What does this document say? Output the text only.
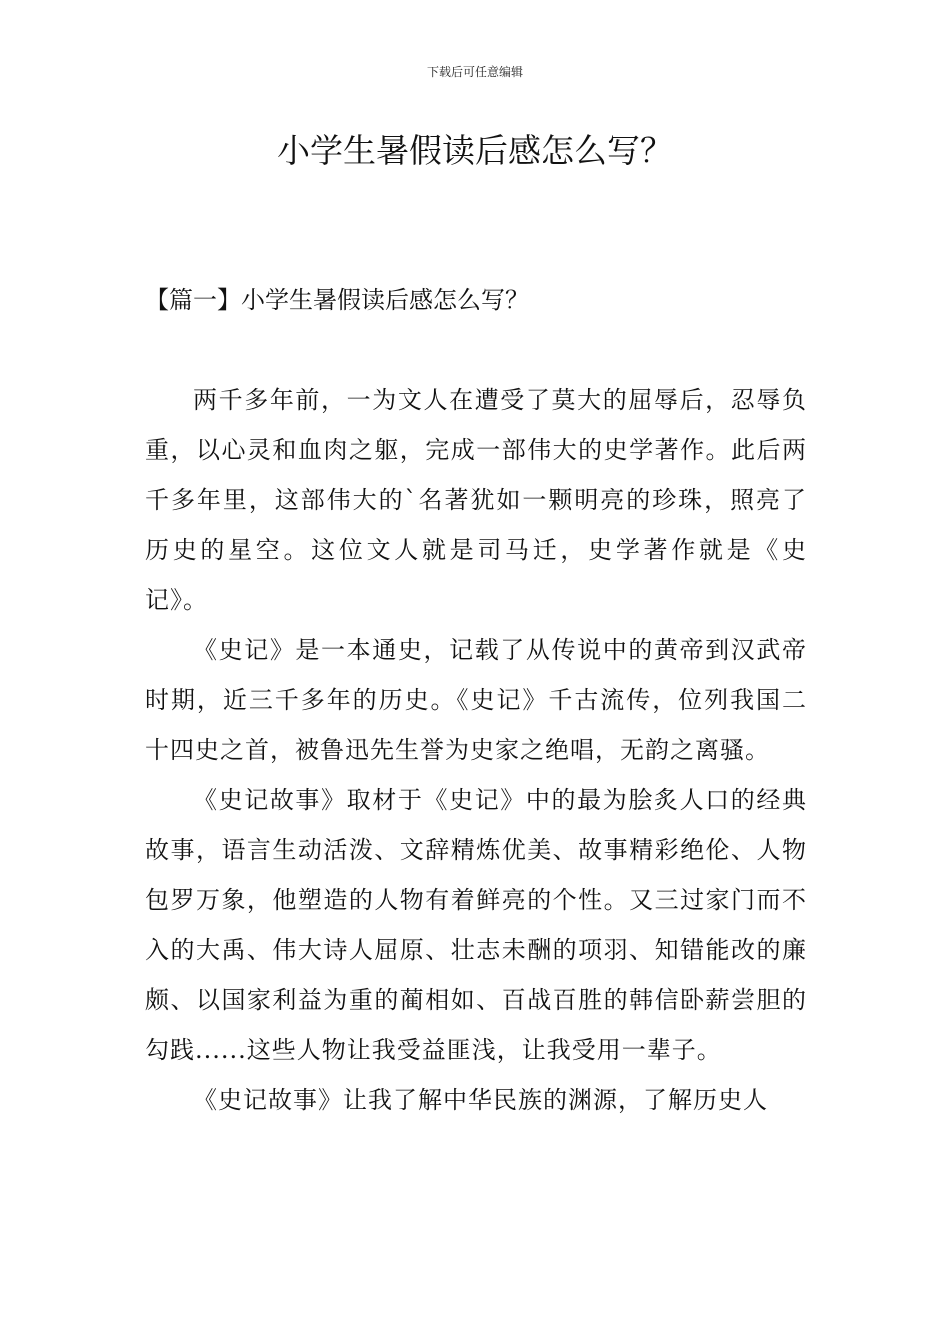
下载后可任意编辑
小学生暑假读后感怎么写？
【篇一】小学生暑假读后感怎么写？

两千多年前，一为文人在遭受了莫大的屈辱后，忍辱负重，以心灵和血肉之躯，完成一部伟大的史学著作。此后两千多年里，这部伟大的`名著犹如一颗明亮的珍珠，照亮了历史的星空。这位文人就是司马迁，史学著作就是《史记》。

《史记》是一本通史，记载了从传说中的黄帝到汉武帝时期，近三千多年的历史。《史记》千古流传，位列我国二十四史之首，被鲁迅先生誉为史家之绝唱，无韵之离骚。

《史记故事》取材于《史记》中的最为脍炙人口的经典故事，语言生动活泼、文辞精炼优美、故事精彩绝伦、人物包罗万象，他塑造的人物有着鲜亮的个性。又三过家门而不入的大禹、伟大诗人屈原、壮志未酬的项羽、知错能改的廉颇、以国家利益为重的蔺相如、百战百胜的韩信卧薪尝胆的勾践......这些人物让我受益匪浅，让我受用一辈子。

《史记故事》让我了解中华民族的渊源，了解历史人
